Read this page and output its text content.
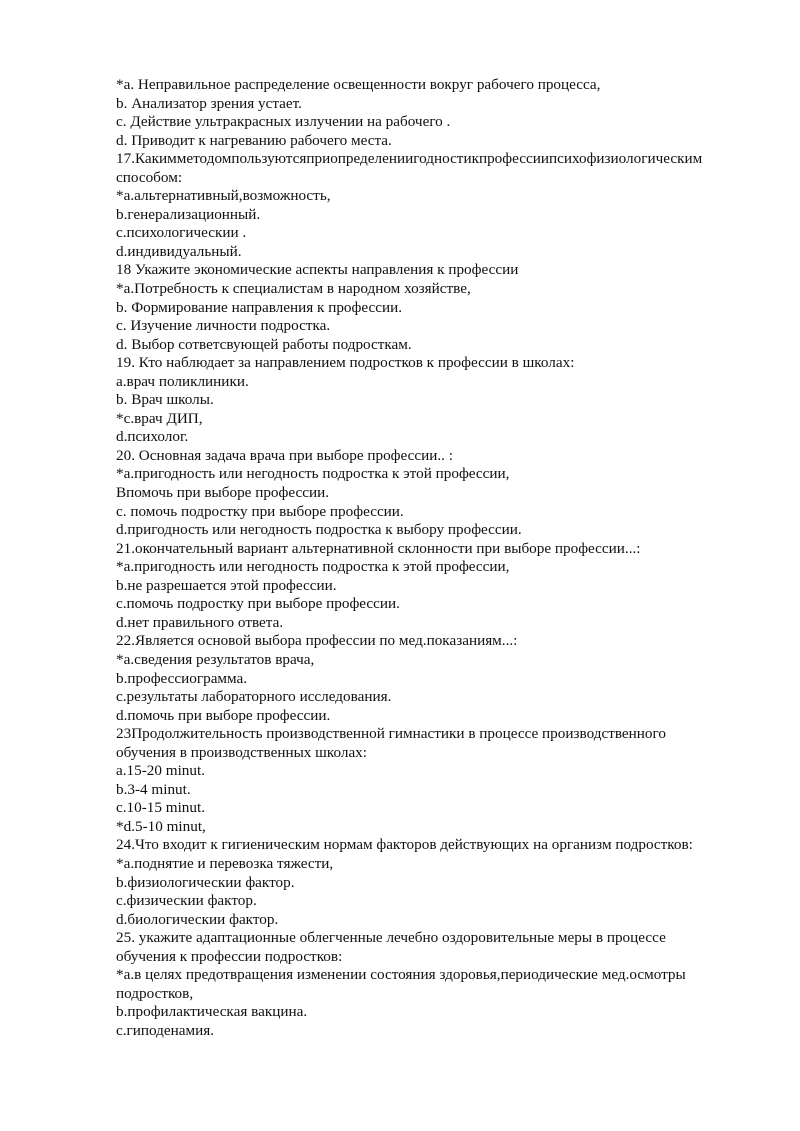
*a. Неправильное распределение освещенности вокруг рабочего процесса,
b. Анализатор зрения устает.
c. Действие ультракрасных излучении на рабочего .
d. Приводит к нагреванию рабочего места.
17.Какимметодомпользуютсяприопределениигодностикпрофессиипсихофизиологическим
способом:
*a.альтернативный,возможность,
b.генерализационный.
c.психологическии .
d.индивидуальный.
18 Укажите экономические аспекты направления к профессии
*a.Потребность к специалистам в народном хозяйстве,
b. Формирование направления к профессии.
c. Изучение личности подростка.
d. Выбор сответсвующей работы подросткам.
19. Кто наблюдает за направлением подростков к профессии в школах:
a.врач поликлиники.
b. Врач школы.
*c.врач ДИП,
d.психолог.
20. Основная задача врача при выборе профессии.. :
*a.пригодность или негодность подростка к этой профессии,
Впомочь при выборе профессии.
c. помочь подростку при выборе профессии.
d.пригодность или негодность подростка к выбору профессии.
21.окончательный вариант альтернативной склонности при выборе профессии...:
*a.пригодность или негодность подростка к этой профессии,
b.не разрешается этой профессии.
c.помочь подростку при выборе профессии.
d.нет правильного ответа.
22.Является основой выбора профессии по мед.показаниям...:
*a.сведения результатов врача,
b.профессиограмма.
c.результаты лабораторного исследования.
d.помочь при выборе профессии.
23Продолжительность производственной гимнастики в процессе производственного
обучения в производственных школах:
a.15-20 minut.
b.3-4 minut.
c.10-15 minut.
*d.5-10 minut,
24.Что входит к гигиеническим нормам факторов действующих на организм подростков:
*a.поднятие и перевозка тяжести,
b.физиологическии фактор.
c.физическии фактор.
d.биологическии фактор.
25. укажите адаптационные облегченные лечебно оздоровительные меры в процессе
обучения к профессии подростков:
*a.в целях предотвращения изменении состояния здоровья,периодические мед.осмотры
подростков,
b.профилактическая вакцина.
c.гиподенамия.
